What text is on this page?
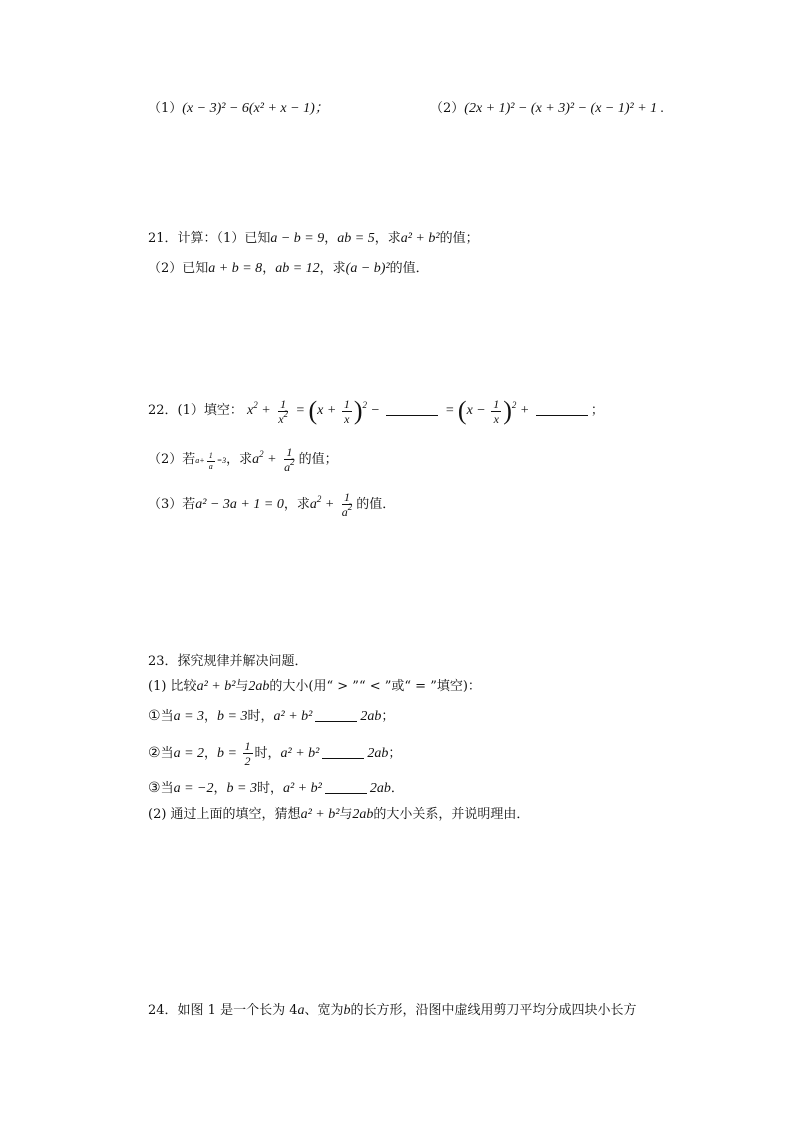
（1）(x − 3)² − 6(x² + x − 1)；	（2）(2x + 1)² − (x + 3)² − (x − 1)² + 1 .
21．计算：（1）已知a − b = 9，ab = 5，求a² + b²的值；
（2）已知a + b = 8，ab = 12，求(a − b)²的值．
22．(1）填空： $x^2 + \frac{1}{x^2} = (x + \frac{1}{x} )^2$ −	= $(x - \frac{1}{x} )^2$ +	；
（2）若$a+ \frac{1}{a} =3$，求$a^2 + \frac{1}{a^2}$ 的值；
（3）若a² − 3a + 1 = 0，求$a^2 + \frac{1}{a^2}$ 的值．
23．探究规律并解决问题．
(1) 比较a² + b²与2ab的大小(用“ > ”“ < ”或“ = ”填空)：
①当a = 3，b = 3时，a² + b²	2ab；
②当a = 2，$b = \frac{1}{2}$ 时，a² + b²	2ab；
③当a = −2，b = 3时，a² + b²	2ab．
(2) 通过上面的填空，猜想a² + b²与2ab的大小关系，并说明理由．
24．如图 1 是一个长为 4a、宽为b的长方形，沿图中虚线用剪刀平均分成四块小长方
